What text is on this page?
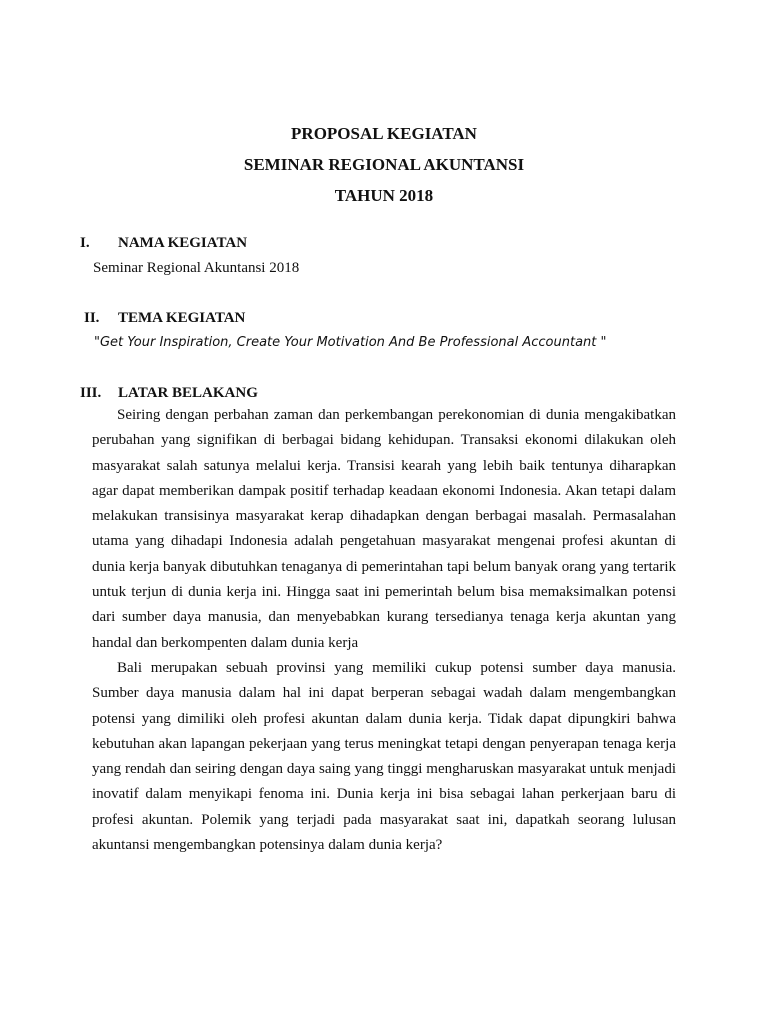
PROPOSAL KEGIATAN
SEMINAR REGIONAL AKUNTANSI
TAHUN 2018
I. NAMA KEGIATAN
Seminar Regional Akuntansi 2018
II. TEMA KEGIATAN
"Get Your Inspiration, Create Your Motivation And Be Professional Accountant "
III. LATAR BELAKANG

Seiring dengan perbahan zaman dan perkembangan perekonomian di dunia mengakibatkan perubahan yang signifikan di berbagai bidang kehidupan. Transaksi ekonomi dilakukan oleh masyarakat salah satunya melalui kerja. Transisi kearah yang lebih baik tentunya diharapkan agar dapat memberikan dampak positif terhadap keadaan ekonomi Indonesia. Akan tetapi dalam melakukan transisinya masyarakat kerap dihadapkan dengan berbagai masalah. Permasalahan utama yang dihadapi Indonesia adalah pengetahuan masyarakat mengenai profesi akuntan di dunia kerja banyak dibutuhkan tenaganya di pemerintahan tapi belum banyak orang yang tertarik untuk terjun di dunia kerja ini. Hingga saat ini pemerintah belum bisa memaksimalkan potensi dari sumber daya manusia, dan menyebabkan kurang tersedianya tenaga kerja akuntan yang handal dan berkompenten dalam dunia kerja

Bali merupakan sebuah provinsi yang memiliki cukup potensi sumber daya manusia. Sumber daya manusia dalam hal ini dapat berperan sebagai wadah dalam mengembangkan potensi yang dimiliki oleh profesi akuntan dalam dunia kerja. Tidak dapat dipungkiri bahwa kebutuhan akan lapangan pekerjaan yang terus meningkat tetapi dengan penyerapan tenaga kerja yang rendah dan seiring dengan daya saing yang tinggi mengharuskan masyarakat untuk menjadi inovatif dalam menyikapi fenoma ini. Dunia kerja ini bisa sebagai lahan perkerjaan baru di profesi akuntan. Polemik yang terjadi pada masyarakat saat ini, dapatkah seorang lulusan akuntansi mengembangkan potensinya dalam dunia kerja?
